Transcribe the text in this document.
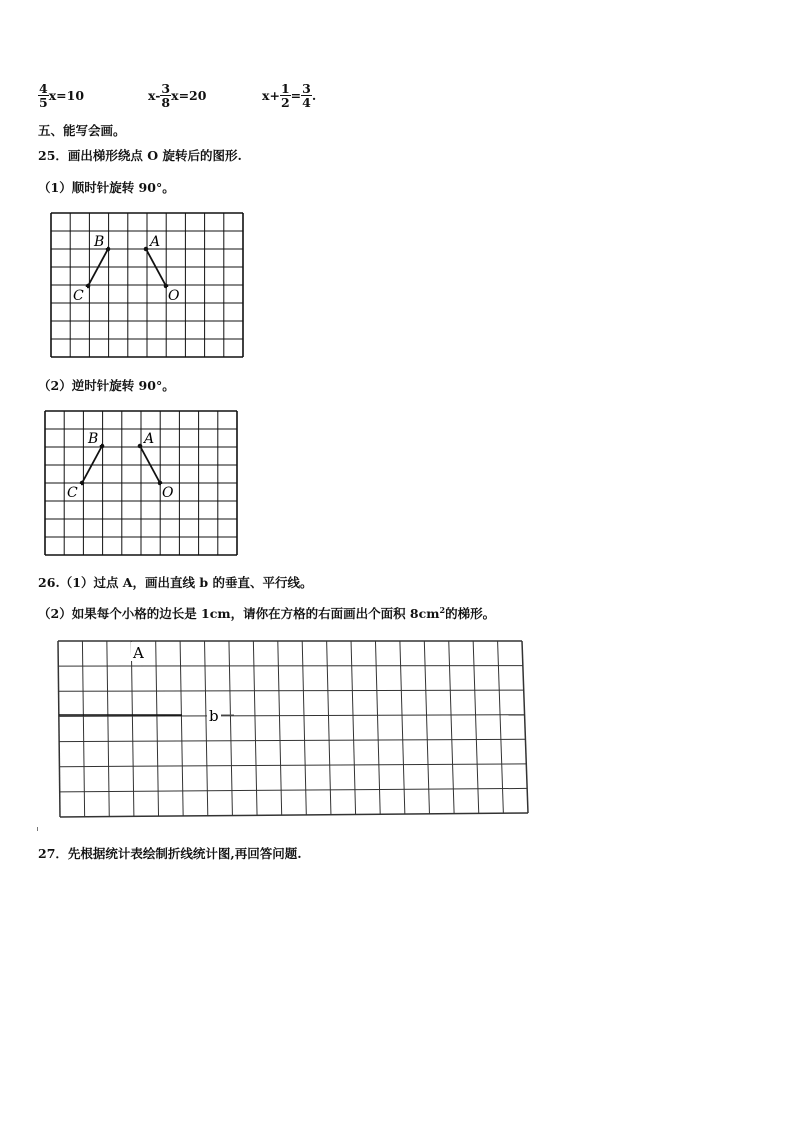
$\frac{4}{5} x=10$	$x- \frac{3}{8} x=20$	$x+ \frac{1}{2} = \frac{3}{4}$ .
五、能写会画。
25．画出梯形绕点 O 旋转后的图形.
（1）顺时针旋转 90°。
B	A
C	O
（2）逆时针旋转 90°。
B	A
C	O
26.（1）过点 A，画出直线 b 的垂直、平行线。
（2）如果每个小格的边长是 1cm，请你在方格的右面画出个面积 $8cm^2$的梯形。
b
A
27．先根据统计表绘制折线统计图,再回答问题.
